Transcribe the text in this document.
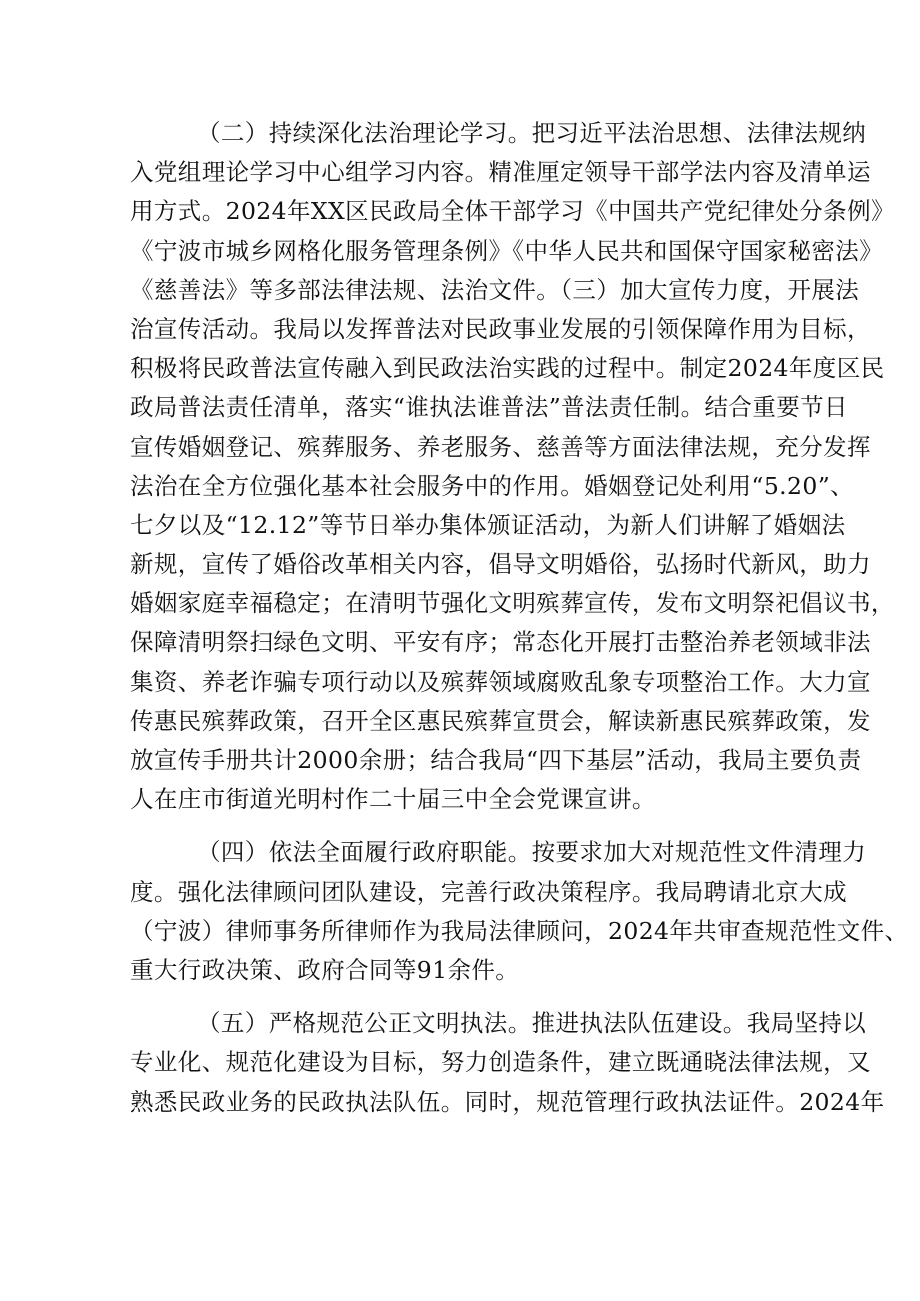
（二）持续深化法治理论学习。把习近平法治思想、法律法规纳
入党组理论学习中心组学习内容。精准厘定领导干部学法内容及清单运
用方式。2024年XX区民政局全体干部学习《中国共产党纪律处分条例》
《宁波市城乡网格化服务管理条例》《中华人民共和国保守国家秘密法》
《慈善法》等多部法律法规、法治文件。（三）加大宣传力度，开展法
治宣传活动。我局以发挥普法对民政事业发展的引领保障作用为目标，
积极将民政普法宣传融入到民政法治实践的过程中。制定2024年度区民
政局普法责任清单，落实“谁执法谁普法”普法责任制。结合重要节日
宣传婚姻登记、殡葬服务、养老服务、慈善等方面法律法规，充分发挥
法治在全方位强化基本社会服务中的作用。婚姻登记处利用“5.20”、
七夕以及“12.12”等节日举办集体颁证活动，为新人们讲解了婚姻法
新规，宣传了婚俗改革相关内容，倡导文明婚俗，弘扬时代新风，助力
婚姻家庭幸福稳定；在清明节强化文明殡葬宣传，发布文明祭祀倡议书，
保障清明祭扫绿色文明、平安有序；常态化开展打击整治养老领域非法
集资、养老诈骗专项行动以及殡葬领域腐败乱象专项整治工作。大力宣
传惠民殡葬政策，召开全区惠民殡葬宣贯会，解读新惠民殡葬政策，发
放宣传手册共计2000余册；结合我局“四下基层”活动，我局主要负责
人在庄市街道光明村作二十届三中全会党课宣讲。
（四）依法全面履行政府职能。按要求加大对规范性文件清理力
度。强化法律顾问团队建设，完善行政决策程序。我局聘请北京大成
（宁波）律师事务所律师作为我局法律顾问，2024年共审查规范性文件、
重大行政决策、政府合同等91余件。
（五）严格规范公正文明执法。推进执法队伍建设。我局坚持以
专业化、规范化建设为目标，努力创造条件，建立既通晓法律法规，又
熟悉民政业务的民政执法队伍。同时，规范管理行政执法证件。2024年
